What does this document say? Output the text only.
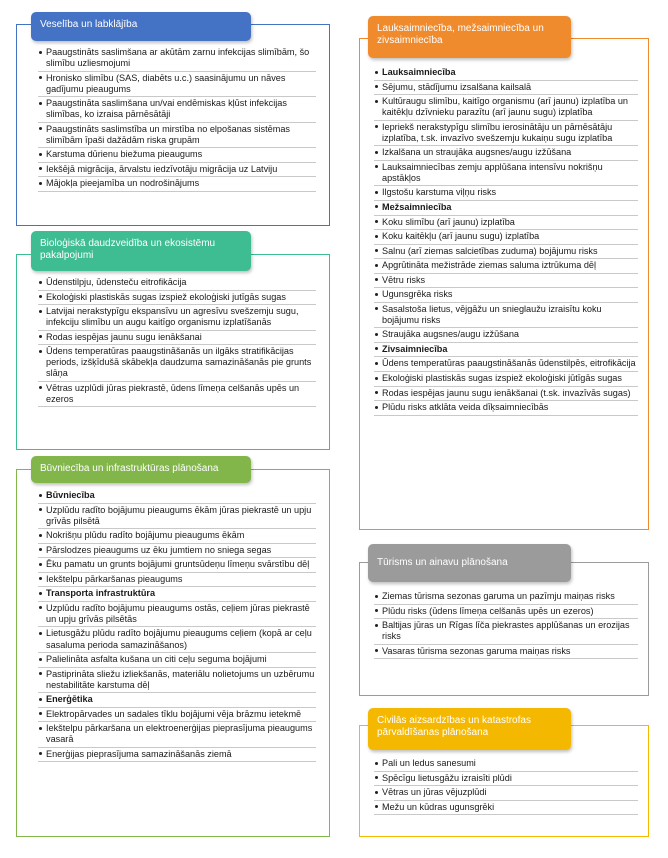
Veselība un labklājība
Paaugstināts saslimšana ar akūtām zarnu infekcijas slimībām, šo slimību uzliesmojumi
Hronisko slimību (SAS, diabēts u.c.) saasinājumu un nāves gadījumu pieaugums
Paaugstināta saslimšana un/vai endēmiskas kļūst infekcijas slimības, ko izraisa pārnēsātāji
Paaugstināts saslimstība un mirstība no elpošanas sistēmas slimībām īpaši dažādām riska grupām
Karstuma dūrienu biežuma pieaugums
Iekšējā migrācija, ārvalstu iedzīvotāju migrācija uz Latviju
Mājokļa pieejamība un nodrošinājums
Bioloģiskā daudzveidība un ekosistēmu pakalpojumi
Ūdenstilpju, ūdensteču eitrofikācija
Ekoloģiski plastiskās sugas izspiež ekoloģiski jutīgās sugas
Latvijai nerakstурīgu ekspansīvu un agresīvu svešzemju sugu, infekciju slimību un augu kaitīgo organismu izplatīšanās
Rodas iespējas jaunu sugu ienākšanai
Ūdens temperatūras paaugstināšanās un ilgāks stratifikācijas periods, izšķīdušā skābekļa daudzuma samazināšanās pie grunts slāņa
Vētras uzplūdi jūras piekrastē, ūdens līmeņa celšanās upēs un ezeros
Būvniecība un infrastruktūras plānošana
Būvniecība
Uzplūdu radīto bojājumu pieaugums ēkām jūras piekrastē un upju grīvās pilsētā
Nokrišņu plūdu radīto bojājumu pieaugums ēkām
Pārslodzes pieaugums uz ēku jumtiem no sniega segas
Ēku pamatu un grunts bojājumi gruntsūdeņu līmeņu svārstību dēļ
Iekštelpu pārkaršanas pieaugums
Transporta infrastruktūra
Uzplūdu radīto bojājumu pieaugums ostās, ceļiem jūras piekrastē un upju grīvās pilsētās
Lietusgāžu plūdu radīto bojājumu pieaugums ceļiem (kopā ar ceļu sasaluma perioda samazināšanos)
Palielināta asfalta kušana un citi ceļu seguma bojājumi
Pastiprināta sliežu izliekšanās, materiālu nolietojums un uzbērumu nestabilitāte karstuma dēļ
Enerģētika
Elektropārvades un sadales tīklu bojājumi vēja brāzmu ietekmē
Iekštelpu pārkaršana un elektroenerģijas pieprasījuma pieaugums vasarā
Enerģijas pieprasījuma samazināšanās ziemā
Lauksaimniecība, mežsaimniecība un zivsaimniecība
Lauksaimniecība
Sējumu, stādījumu izsalšana kailsalā
Kultūraugu slimību, kaitīgo organismu (arī jaunu) izplatība un kaitēkļu dzīvnieku parazītu (arī jaunu sugu) izplatība
Iepriekš nerakstурīgu slimību ierosinātāju un pārnēsātāju izplatība, t.sk. invazīvo svešzemju kukaiņu sugu izplatība
Izkalšana un straujāka augsnes/augu izžūšana
Lauksaimniecības zemju applūšana intensīvu nokrišņu apstākļos
Ilgstošu karstuma viļņu risks
Mežsaimniecība
Koku slimību (arī jaunu) izplatība
Koku kaitēkļu (arī jaunu sugu) izplatība
Salnu (arī ziemas salcietības zuduma) bojājumu risks
Apgrūtināta mežistrāde ziemas saluma iztrūkuma dēļ
Vētru risks
Ugunsgrēka risks
Sasalstoša lietus, vējgāžu un snieglaužu izraisītu koku bojājumu risks
Straujāka augsnes/augu izžūšana
Zivsaimniecība
Ūdens temperatūras paaugstināšanās ūdenstilpēs, eitrofikācija
Ekoloģiski plastiskās sugas izspiež ekoloģiski jūtīgās sugas
Rodas iespējas jaunu sugu ienākšanai (t.sk. invazīvās sugas)
Plūdu risks atklāta veida dīķsaimniecībās
Tūrisms un ainavu plānošana
Ziemas tūrisma sezonas garuma un pazīmju maiņas risks
Plūdu risks (ūdens līmeņa celšanās upēs un ezeros)
Baltijas jūras un Rīgas līča piekrastes applūšanas un erozijas risks
Vasaras tūrisma sezonas garuma maiņas risks
Civilās aizsardzības un katastrofas pārvaldīšanas plānošana
Pali un ledus sanesumi
Spēcīgu lietusgāžu izraisīti plūdi
Vētras un jūras vējuzplūdi
Mežu un kūdras ugunsgrēki
